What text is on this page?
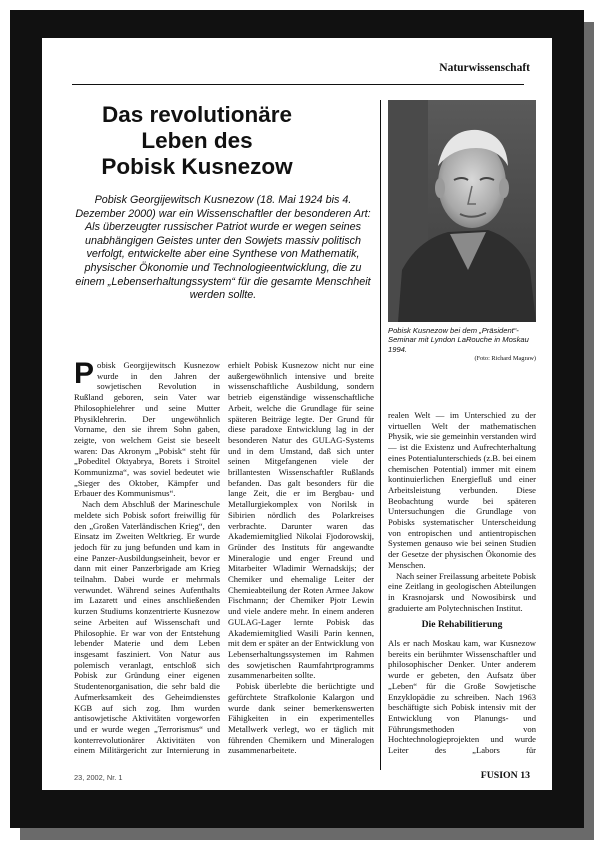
Naturwissenschaft
Das revolutionäre
Leben des
Pobisk Kusnezow
Pobisk Georgijewitsch Kusnezow (18. Mai 1924 bis 4. Dezember 2000) war ein Wissenschaftler der besonderen Art: Als überzeugter russischer Patriot wurde er wegen seines unabhängigen Geistes unter den Sowjets massiv politisch verfolgt, entwickelte aber eine Synthese von Mathematik, physischer Ökonomie und Technologieentwicklung, die zu einem „Lebenserhaltungssystem“ für die gesamte Menschheit werden sollte.
Pobisk Kusnezow bei dem „Präsident“-Seminar mit Lyndon LaRouche in Moskau 1994.
(Foto: Richard Magraw)

Pobisk Georgijewitsch Kusnezow wurde in den Jahren der sowjetischen Revolution in Rußland geboren, sein Vater war Philosophielehrer und seine Mutter Physiklehrerin. Der ungewöhnlich Vorname, den sie ihrem Sohn gaben, zeigte, von welchem Geist sie beseelt waren: Das Akronym „Pobisk“ steht für „Pobeditel Oktyabrya, Borets i Stroitel Kommunizma“, was soviel bedeutet wie „Sieger des Oktober, Kämpfer und Erbauer des Kommunismus“.

Nach dem Abschluß der Marineschule meldete sich Pobisk sofort freiwillig für den „Großen Vaterländischen Krieg“, den Einsatz im Zweiten Weltkrieg. Er wurde jedoch für zu jung befunden und kam in eine Panzer-Ausbildungseinheit, bevor er dann mit einer Panzerbrigade am Krieg teilnahm. Dabei wurde er mehrmals verwundet. Während seines Aufenthalts im Lazarett und eines anschließenden kurzen Studiums konzentrierte Kusnezow seine Arbeiten auf Wissenschaft und Philosophie. Er war von der Entstehung lebender Materie und dem Leben insgesamt fasziniert. Von Natur aus polemisch veranlagt, entschloß sich Pobisk zur Gründung einer eigenen Studentenorganisation, die sehr bald die Aufmerksamkeit des Geheimdienstes KGB auf sich zog. Ihm wurden antisowjetische Aktivitäten vorgeworfen und er wurde wegen „Terrorismus“ und konterrevolutionärer Aktivitäten von einem Militärgericht zur Internierung in

erhielt Pobisk Kusnezow nicht nur eine außergewöhnlich intensive und breite wissenschaftliche Ausbildung, sondern betrieb eigenständige wissenschaftliche Arbeit, welche die Grundlage für seine späteren Beiträge legte. Der Grund für diese paradoxe Entwicklung lag in der besonderen Natur des GULAG-Systems und in dem Umstand, daß sich unter seinen Mitgefangenen viele der brillantesten Wissenschaftler Rußlands befanden. Das galt besonders für die lange Zeit, die er im Bergbau- und Metallurgiekomplex von Norilsk in Sibirien nördlich des Polarkreises verbrachte. Darunter waren das Akademiemitglied Nikolai Fjodorowskij, Gründer des Instituts für angewandte Mineralogie und enger Freund und Mitarbeiter Wladimir Wernadskijs; der Chemiker und ehemalige Leiter der Chemieabteilung der Roten Armee Jakow Fischmann; der Chemiker Pjotr Lewin und viele andere mehr. In einem anderen GULAG-Lager lernte Pobisk das Akademiemitglied Wasili Parin kennen, mit dem er später an der Entwicklung von Lebenserhaltungssystemen im Rahmen des sowjetischen Raumfahrtprogramms zusammenarbeiten sollte.

Pobisk überlebte die berüchtigte und gefürchtete Strafkolonie Kalargon und wurde dank seiner bemerkenswerten Fähigkeiten in ein experimentelles Metallwerk verlegt, wo er täglich mit führenden Chemikern und Mineralogen zusammenarbeitete.

realen Welt — im Unterschied zu der virtuellen Welt der mathematischen Physik, wie sie gemeinhin verstanden wird — ist die Existenz und Aufrechterhaltung eines Potentialunterschieds (z.B. bei einem chemischen Potential) immer mit einem kontinuierlichen Energiefluß und einer Arbeitsleistung verbunden. Diese Beobachtung wurde bei späteren Untersuchungen die Grundlage von Pobisks systematischer Unterscheidung von entropischen und antientropischen Systemen genauso wie bei seinen Studien der Gesetze der physischen Ökonomie des Menschen.

Nach seiner Freilassung arbeitete Pobisk eine Zeitlang in geologischen Abteilungen in Krasnojarsk und Nowosibirsk und graduierte am Polytechnischen Institut.

Die Rehabilitierung

Als er nach Moskau kam, war Kusnezow bereits ein berühmter Wissenschaftler und philosophischer Denker. Unter anderem wurde er gebeten, den Aufsatz über „Leben“ für die Große Sowjetische Enzyklopädie zu schreiben. Nach 1963 beschäftigte sich Pobisk intensiv mit der Entwicklung von Planungs- und Führungsmethoden von Hochtechnologieprojekten und wurde Leiter des „Labors für

23, 2002, Nr. 1	FUSION 13
